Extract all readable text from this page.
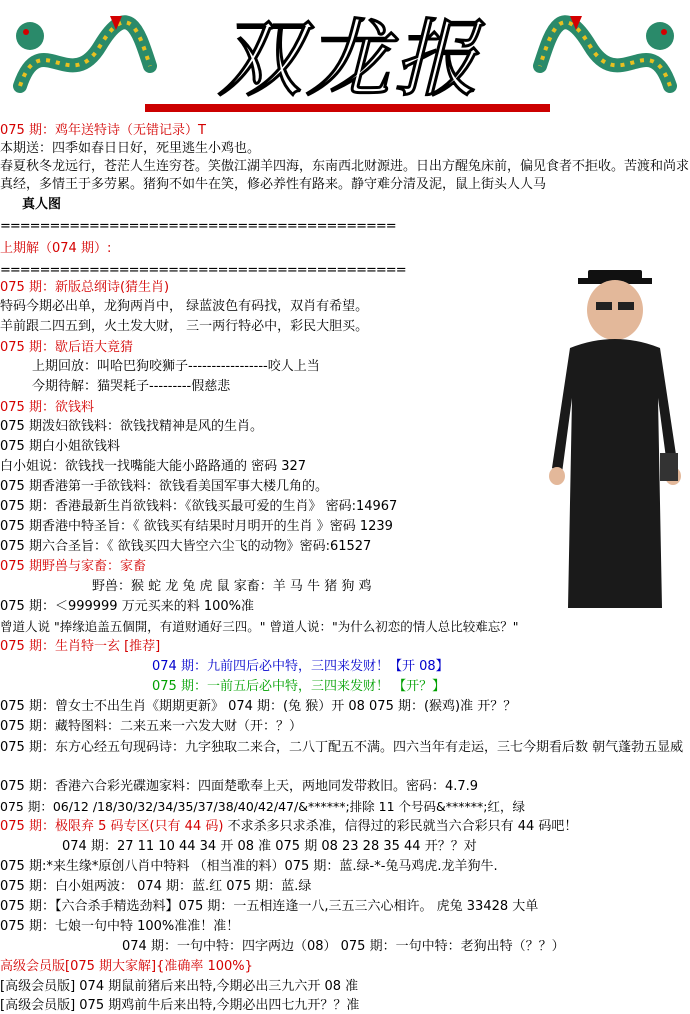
双龙报
075 期：鸡年送特诗（无错记录）T
本期送：四季如春日日好，死里逃生小鸡也。
春夏秋冬龙远行，苍茫人生连穷苍。笑傲江湖羊四海，东南西北财源进。日出方醒兔床前，偏见食者不拒收。苦渡和尚求真经，多情王于多劳累。猪狗不如牛在笑，修必养性有路来。静守难分清及泥，鼠上街头人人马
真人图
========================================
上期解（074 期）:
=========================================
075 期：新版总纲诗(猜生肖)
特码今期必出单，龙狗两肖中， 绿蓝波色有码找，双肖有希望。
羊前跟二四五到，火土发大财， 三一两行特必中，彩民大胆买。
075 期：歇后语大竟猜
上期回放：叫哈巴狗咬狮子-----------------咬人上当
今期待解：猫哭耗子---------假慈悲
075 期：欲钱料
075 期泼妇欲钱料：欲钱找精神是风的生肖。
075 期白小姐欲钱料
白小姐说：欲钱找一找嘴能大能小路路通的 密码 327
075 期香港第一手欲钱料：欲钱看美国军事大楼几角的。
075 期：香港最新生肖欲钱料：《欲钱买最可爱的生肖》 密码:14967
075 期香港中特圣旨：《 欲钱买有结果时月明开的生肖 》密码 1239
075 期六合圣旨：《 欲钱买四大皆空六尘飞的动物》密码:61527
075 期野兽与家畜：家畜
野兽：猴 蛇 龙 兔 虎 鼠 家畜：羊 马 牛 猪 狗 鸡
075 期：＜999999 万元买来的料 100%准
曾道人说 "捧缘追盖五個開，有道财通好三四。" 曾道人说："为什么初恋的情人总比较难忘？"
075 期：生肖特一玄 [推荐]
074 期：九前四后必中特，三四来发财！【开 08】
075 期：一前五后必中特，三四来发财！ 【开？】
075 期：曾女士不出生肖《期期更新》 074 期：(兔 猴）开 08 075 期：(猴鸡)准 开？？
075 期：藏特图料：二来五来一六发大财（开：？）
075 期：东方心经五句现码诗：九字独取二来合，二八丁配五不满。四六当年有走运，三七今期看后数 朝气蓬勃五显威
075 期：香港六合彩光碟迦家料：四面楚歌奉上天，两地同发带救旧。密码：4.7.9
075 期：06/12 /18/30/32/34/35/37/38/40/42/47/&******;排除 11 个号码&******;红，绿
075 期：极限弃 5 码专区(只有 44 码) 不求杀多只求杀准，信得过的彩民就当六合彩只有 44 码吧！
074 期：27 11 10 44 34 开 08 准 075 期 08 23 28 35 44 开？？对
075 期:*来生缘*原创八肖中特料 （相当准的料）075 期：蓝.绿-*-兔马鸡虎.龙羊狗牛.
075 期：白小姐两波： 074 期：蓝.红 075 期：蓝.绿
075 期：【六合杀手精选劲料】075 期：一五相连逢一八,三五三六心相许。 虎兔 33428 大单
075 期：七娘一句中特 100%准准！准！
074 期：一句中特：四字两边（08） 075 期：一句中特：老狗出特（？？）
高级会员版[075 期大家解]{准确率 100%}
[高级会员版] 074 期鼠前猪后来出特,今期必出三九六开 08 准
[高级会员版] 075 期鸡前牛后来出特,今期必出四七九开？？准
